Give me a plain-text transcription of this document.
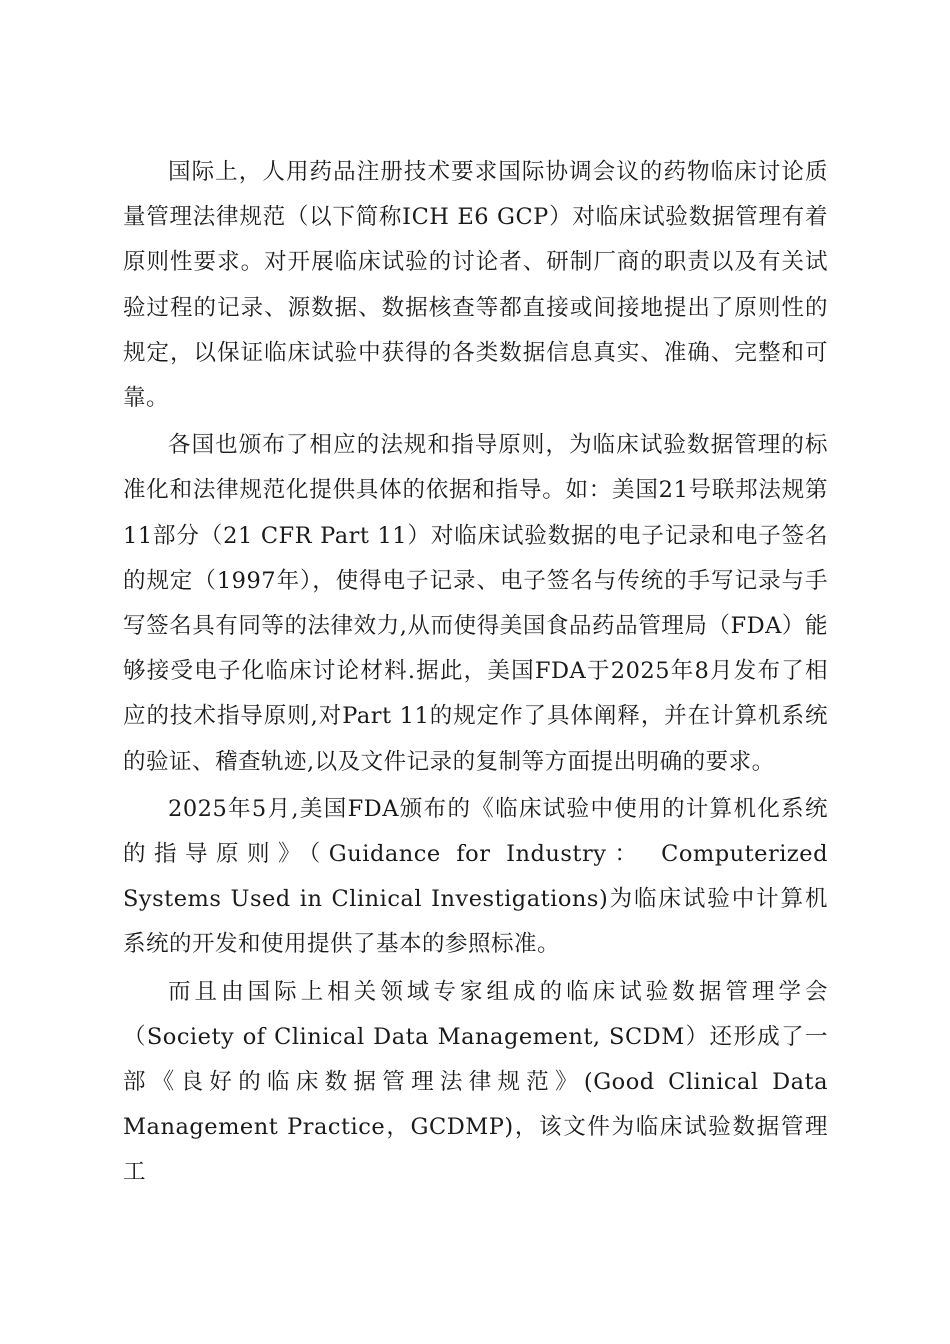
国际上，人用药品注册技术要求国际协调会议的药物临床讨论质量管理法律规范（以下简称ICH E6 GCP）对临床试验数据管理有着原则性要求。对开展临床试验的讨论者、研制厂商的职责以及有关试验过程的记录、源数据、数据核查等都直接或间接地提出了原则性的规定，以保证临床试验中获得的各类数据信息真实、准确、完整和可靠。

各国也颁布了相应的法规和指导原则，为临床试验数据管理的标准化和法律规范化提供具体的依据和指导。如：美国21号联邦法规第11部分（21 CFR Part 11）对临床试验数据的电子记录和电子签名的规定（1997年），使得电子记录、电子签名与传统的手写记录与手写签名具有同等的法律效力,从而使得美国食品药品管理局（FDA）能够接受电子化临床讨论材料.据此，美国FDA于2025年8月发布了相应的技术指导原则,对Part 11的规定作了具体阐释，并在计算机系统的验证、稽查轨迹,以及文件记录的复制等方面提出明确的要求。

2025年5月,美国FDA颁布的《临床试验中使用的计算机化系统的指导原则》（Guidance for Industry： Computerized Systems Used in Clinical Investigations)为临床试验中计算机系统的开发和使用提供了基本的参照标准。

而且由国际上相关领域专家组成的临床试验数据管理学会（Society of Clinical Data Management, SCDM）还形成了一部《良好的临床数据管理法律规范》(Good Clinical Data Management Practice，GCDMP)，该文件为临床试验数据管理工
